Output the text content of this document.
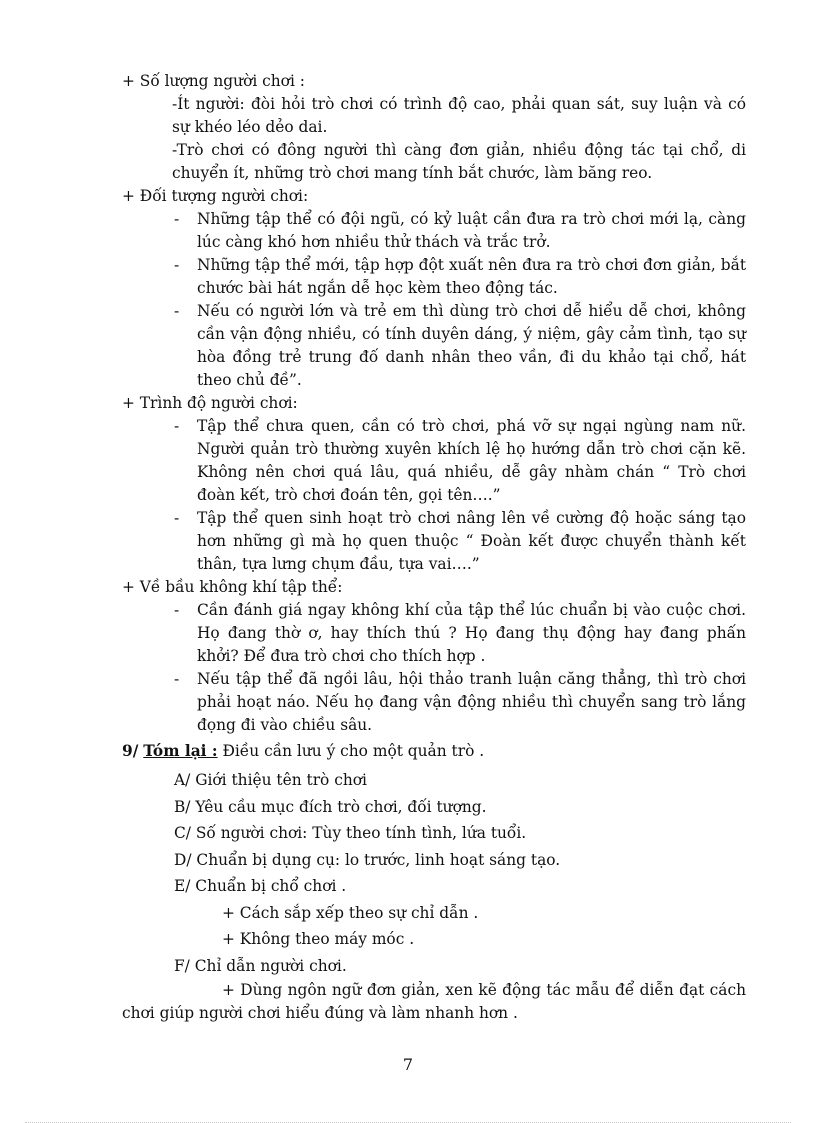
+ Số lượng người chơi :

-Ít người: đòi hỏi trò chơi có trình độ cao, phải quan sát, suy luận và có sự khéo léo dẻo dai.

-Trò chơi có đông người thì càng đơn giản, nhiều động tác tại chổ, di chuyển ít, những trò chơi mang tính bắt chước, làm băng reo.

+ Đối tượng người chơi:

- Những tập thể có đội ngũ, có kỷ luật cần đưa ra trò chơi mới lạ, càng lúc càng khó hơn nhiều thử thách và trắc trở.
- Những tập thể mới, tập hợp đột xuất nên đưa ra trò chơi đơn giản, bắt chước bài hát ngắn dễ học kèm theo động tác.
- Nếu có người lớn và trẻ em thì dùng trò chơi dễ hiểu dễ chơi, không cần vận động nhiều, có tính duyên dáng, ý niệm, gây cảm tình, tạo sự hòa đồng trẻ trung đố danh nhân theo vần, đi du khảo tại chổ, hát theo chủ đề”.

+ Trình độ người chơi:

- Tập thể chưa quen, cần có trò chơi, phá vỡ sự ngại ngùng nam nữ. Người quản trò thường xuyên khích lệ họ hướng dẫn trò chơi cặn kẽ. Không nên chơi quá lâu, quá nhiều, dễ gây nhàm chán “ Trò chơi đoàn kết, trò chơi đoán tên, gọi tên….”
- Tập thể quen sinh hoạt trò chơi nâng lên về cường độ hoặc sáng tạo hơn những gì mà họ quen thuộc “ Đoàn kết được chuyển thành kết thân, tựa lưng chụm đầu, tựa vai….”

+ Về bầu không khí tập thể:

- Cần đánh giá ngay không khí của tập thể lúc chuẩn bị vào cuộc chơi. Họ đang thờ ơ, hay thích thú ? Họ đang thụ động hay đang phấn khởi? Để đưa trò chơi cho thích hợp .
- Nếu tập thể đã ngồi lâu, hội thảo tranh luận căng thẳng, thì trò chơi phải hoạt náo. Nếu họ đang vận động nhiều thì chuyển sang trò lắng đọng đi vào chiều sâu.

9/ Tóm lại : Điều cần lưu ý cho một quản trò .

A/ Giới thiệu tên trò chơi

B/ Yêu cầu mục đích trò chơi, đối tượng.

C/ Số người chơi: Tùy theo tính tình, lứa tuổi.

D/ Chuẩn bị dụng cụ: lo trước, linh hoạt sáng tạo.

E/ Chuẩn bị chổ chơi .

+ Cách sắp xếp theo sự chỉ dẫn .

+ Không theo máy móc .

F/ Chỉ dẫn người chơi.

+ Dùng ngôn ngữ đơn giản, xen kẽ động tác mẫu để diễn đạt cách chơi giúp người chơi hiểu đúng và làm nhanh hơn .

7
